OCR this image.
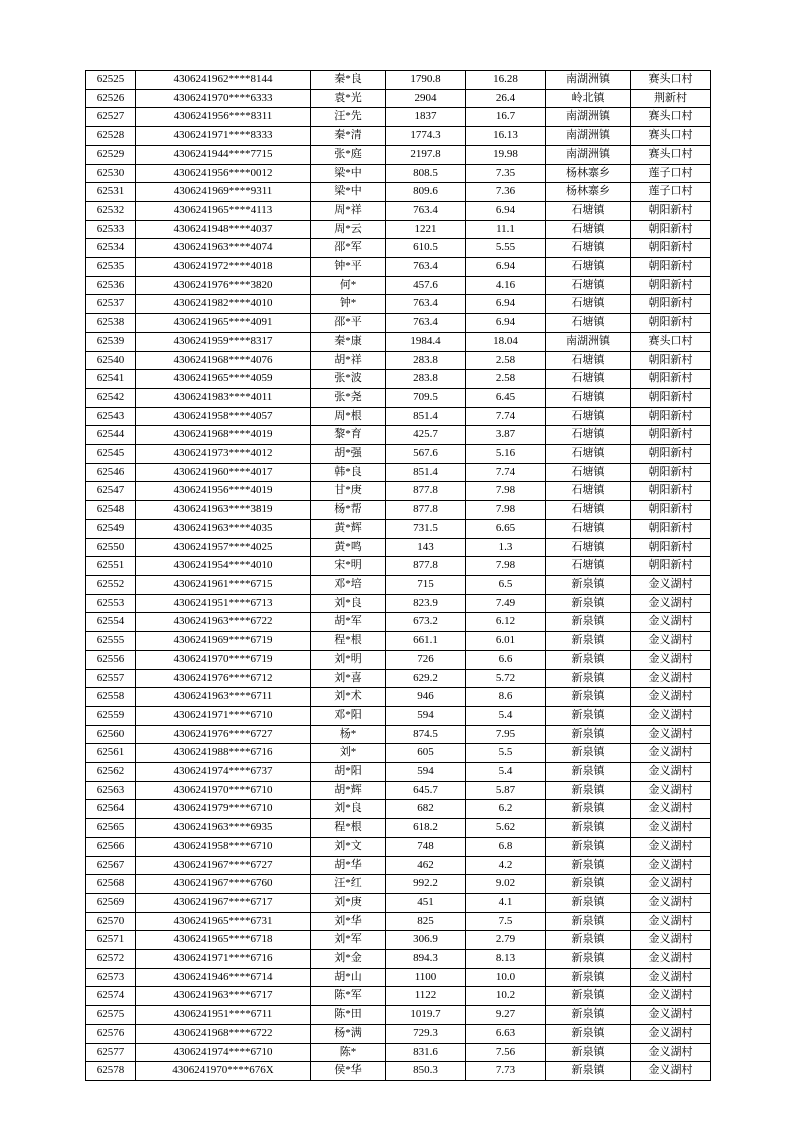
62525	4306241962****8144	秦*良	1790.8	16.28	南湖洲镇	赛头口村
62526	4306241970****6333	袁*光	2904	26.4	岭北镇	荆新村
62527	4306241956****8311	汪*先	1837	16.7	南湖洲镇	赛头口村
62528	4306241971****8333	秦*清	1774.3	16.13	南湖洲镇	赛头口村
62529	4306241944****7715	张*庭	2197.8	19.98	南湖洲镇	赛头口村
62530	4306241956****0012	梁*中	808.5	7.35	杨林寨乡	莲子口村
62531	4306241969****9311	梁*中	809.6	7.36	杨林寨乡	莲子口村
62532	4306241965****4113	周*祥	763.4	6.94	石塘镇	朝阳新村
62533	4306241948****4037	周*云	1221	11.1	石塘镇	朝阳新村
62534	4306241963****4074	邵*军	610.5	5.55	石塘镇	朝阳新村
62535	4306241972****4018	钟*平	763.4	6.94	石塘镇	朝阳新村
62536	4306241976****3820	何*	457.6	4.16	石塘镇	朝阳新村
62537	4306241982****4010	钟*	763.4	6.94	石塘镇	朝阳新村
62538	4306241965****4091	邵*平	763.4	6.94	石塘镇	朝阳新村
62539	4306241959****8317	秦*康	1984.4	18.04	南湖洲镇	赛头口村
62540	4306241968****4076	胡*祥	283.8	2.58	石塘镇	朝阳新村
62541	4306241965****4059	张*波	283.8	2.58	石塘镇	朝阳新村
62542	4306241983****4011	张*尧	709.5	6.45	石塘镇	朝阳新村
62543	4306241958****4057	周*根	851.4	7.74	石塘镇	朝阳新村
62544	4306241968****4019	黎*育	425.7	3.87	石塘镇	朝阳新村
62545	4306241973****4012	胡*强	567.6	5.16	石塘镇	朝阳新村
62546	4306241960****4017	韩*良	851.4	7.74	石塘镇	朝阳新村
62547	4306241956****4019	甘*庚	877.8	7.98	石塘镇	朝阳新村
62548	4306241963****3819	杨*帮	877.8	7.98	石塘镇	朝阳新村
62549	4306241963****4035	黄*辉	731.5	6.65	石塘镇	朝阳新村
62550	4306241957****4025	黄*鸣	143	1.3	石塘镇	朝阳新村
62551	4306241954****4010	宋*明	877.8	7.98	石塘镇	朝阳新村
62552	4306241961****6715	邓*培	715	6.5	新泉镇	金义湖村
62553	4306241951****6713	刘*良	823.9	7.49	新泉镇	金义湖村
62554	4306241963****6722	胡*军	673.2	6.12	新泉镇	金义湖村
62555	4306241969****6719	程*根	661.1	6.01	新泉镇	金义湖村
62556	4306241970****6719	刘*明	726	6.6	新泉镇	金义湖村
62557	4306241976****6712	刘*喜	629.2	5.72	新泉镇	金义湖村
62558	4306241963****6711	刘*术	946	8.6	新泉镇	金义湖村
62559	4306241971****6710	邓*阳	594	5.4	新泉镇	金义湖村
62560	4306241976****6727	杨*	874.5	7.95	新泉镇	金义湖村
62561	4306241988****6716	刘*	605	5.5	新泉镇	金义湖村
62562	4306241974****6737	胡*阳	594	5.4	新泉镇	金义湖村
62563	4306241970****6710	胡*辉	645.7	5.87	新泉镇	金义湖村
62564	4306241979****6710	刘*良	682	6.2	新泉镇	金义湖村
62565	4306241963****6935	程*根	618.2	5.62	新泉镇	金义湖村
62566	4306241958****6710	刘*文	748	6.8	新泉镇	金义湖村
62567	4306241967****6727	胡*华	462	4.2	新泉镇	金义湖村
62568	4306241967****6760	汪*红	992.2	9.02	新泉镇	金义湖村
62569	4306241967****6717	刘*庚	451	4.1	新泉镇	金义湖村
62570	4306241965****6731	刘*华	825	7.5	新泉镇	金义湖村
62571	4306241965****6718	刘*军	306.9	2.79	新泉镇	金义湖村
62572	4306241971****6716	刘*金	894.3	8.13	新泉镇	金义湖村
62573	4306241946****6714	胡*山	1100	10.0	新泉镇	金义湖村
62574	4306241963****6717	陈*军	1122	10.2	新泉镇	金义湖村
62575	4306241951****6711	陈*田	1019.7	9.27	新泉镇	金义湖村
62576	4306241968****6722	杨*满	729.3	6.63	新泉镇	金义湖村
62577	4306241974****6710	陈*	831.6	7.56	新泉镇	金义湖村
62578	4306241970****676X	侯*华	850.3	7.73	新泉镇	金义湖村
